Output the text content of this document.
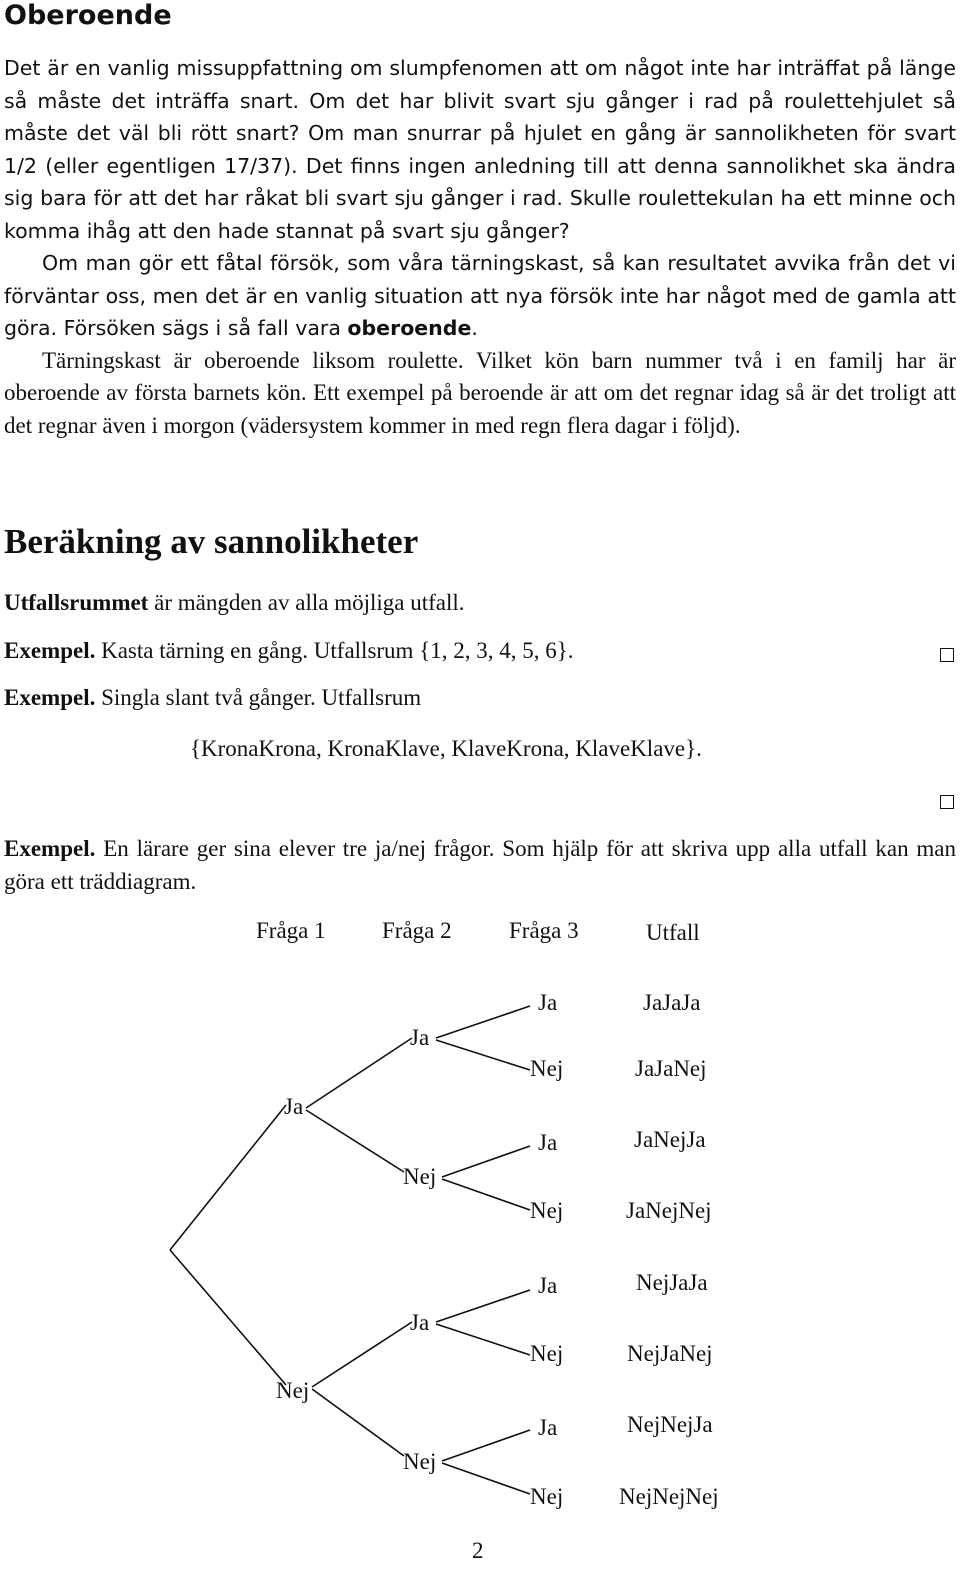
Oberoende

Det är en vanlig missuppfattning om slumpfenomen att om något inte har inträffat på länge så måste det inträffa snart. Om det har blivit svart sju gånger i rad på roulettehjulet så måste det väl bli rött snart? Om man snurrar på hjulet en gång är sannolikheten för svart 1/2 (eller egentligen 17/37). Det finns ingen anledning till att denna sannolikhet ska ändra sig bara för att det har råkat bli svart sju gånger i rad. Skulle roulettekulan ha ett minne och komma ihåg att den hade stannat på svart sju gånger?

Om man gör ett fåtal försök, som våra tärningskast, så kan resultatet avvika från det vi förväntar oss, men det är en vanlig situation att nya försök inte har något med de gamla att göra. Försöken sägs i så fall vara oberoende.

Tärningskast är oberoende liksom roulette. Vilket kön barn nummer två i en familj har är oberoende av första barnets kön. Ett exempel på beroende är att om det regnar idag så är det troligt att det regnar även i morgon (vädersystem kommer in med regn flera dagar i följd).

Beräkning av sannolikheter
Utfallsrummet är mängden av alla möjliga utfall.
Exempel. Kasta tärning en gång. Utfallsrum {1, 2, 3, 4, 5, 6}.
Exempel. Singla slant två gånger. Utfallsrum
{KronaKrona, KronaKlave, KlaveKrona, KlaveKlave}.
Exempel. En lärare ger sina elever tre ja/nej frågor. Som hjälp för att skriva upp alla utfall kan man göra ett träddiagram.
Fråga 1 Fråga 2 Fråga 3	Utfall
Ja
Nej
Ja
Nej
Ja
Nej
Ja
Nej
Ja
Nej
Ja
Nej
Ja
Nej
JaJaJa
JaJaNej
JaNejJa
JaNejNej
NejJaJa
NejJaNej
NejNejJa
NejNejNej
2
